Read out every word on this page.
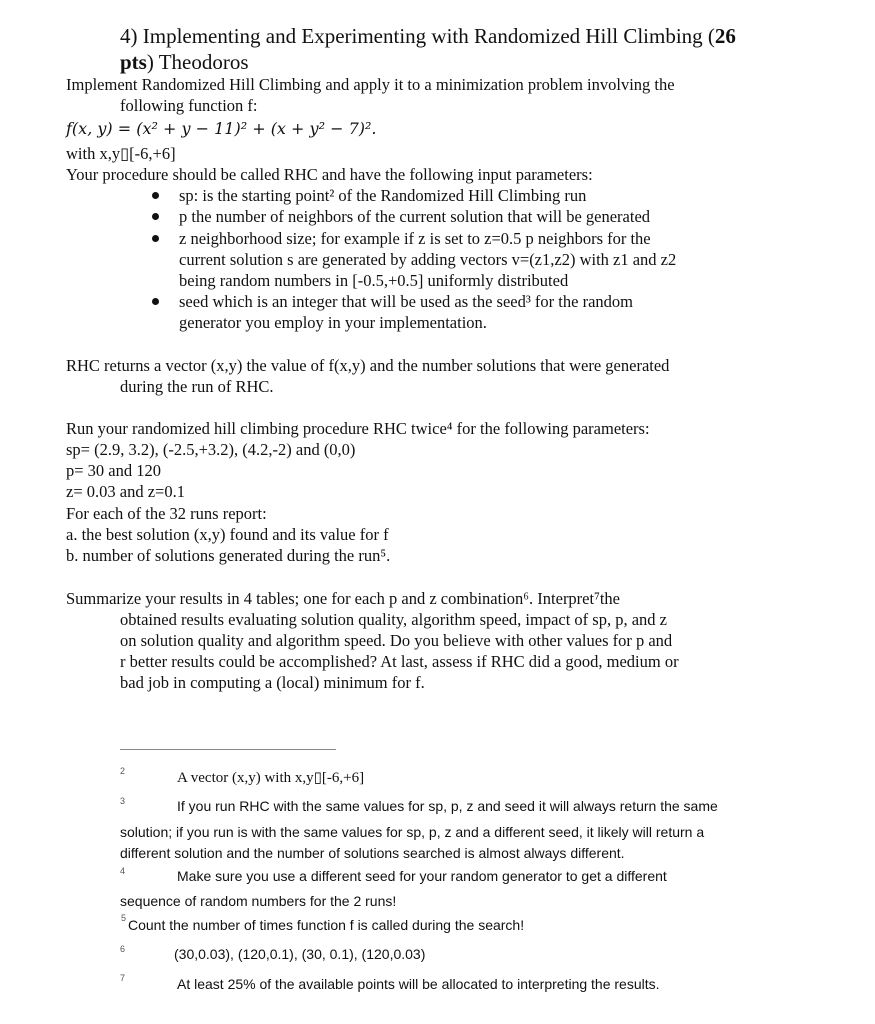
4) Implementing and Experimenting with Randomized Hill Climbing (26
pts) Theodoros
Implement Randomized Hill Climbing and apply it to a minimization problem involving the
following function f:
f(x, y) = (x² + y − 11)² + (x + y² − 7)².
with x,y▯[-6,+6]
Your procedure should be called RHC and have the following input parameters:
sp: is the starting point² of the Randomized Hill Climbing run
p the number of neighbors of the current solution that will be generated
z neighborhood size; for example if z is set to z=0.5 p neighbors for the
current solution s are generated by adding vectors v=(z1,z2) with z1 and z2
being random numbers in [-0.5,+0.5] uniformly distributed
seed which is an integer that will be used as the seed³ for the random
generator you employ in your implementation.
RHC returns a vector (x,y) the value of f(x,y) and the number solutions that were generated
during the run of RHC.
Run your randomized hill climbing procedure RHC twice⁴ for the following parameters:
sp= (2.9, 3.2), (-2.5,+3.2), (4.2,-2) and (0,0)
p= 30 and 120
z= 0.03 and z=0.1
For each of the 32 runs report:
a. the best solution (x,y) found and its value for f
b. number of solutions generated during the run⁵.
Summarize your results in 4 tables; one for each p and z combination⁶. Interpret⁷the
obtained results evaluating solution quality, algorithm speed, impact of sp, p, and z
on solution quality and algorithm speed. Do you believe with other values for p and
r better results could be accomplished? At last, assess if RHC did a good, medium or
bad job in computing a (local) minimum for f.
2	A vector (x,y) with x,y▯[-6,+6]
3	If you run RHC with the same values for sp, p, z and seed it will always return the same
solution; if you run is with the same values for sp, p, z and a different seed, it likely will return a
different solution and the number of solutions searched is almost always different.
4	Make sure you use a different seed for your random generator to get a different
sequence of random numbers for the 2 runs!
5 Count the number of times function f is called during the search!
6	(30,0.03), (120,0.1), (30, 0.1), (120,0.03)
7	At least 25% of the available points will be allocated to interpreting the results.
